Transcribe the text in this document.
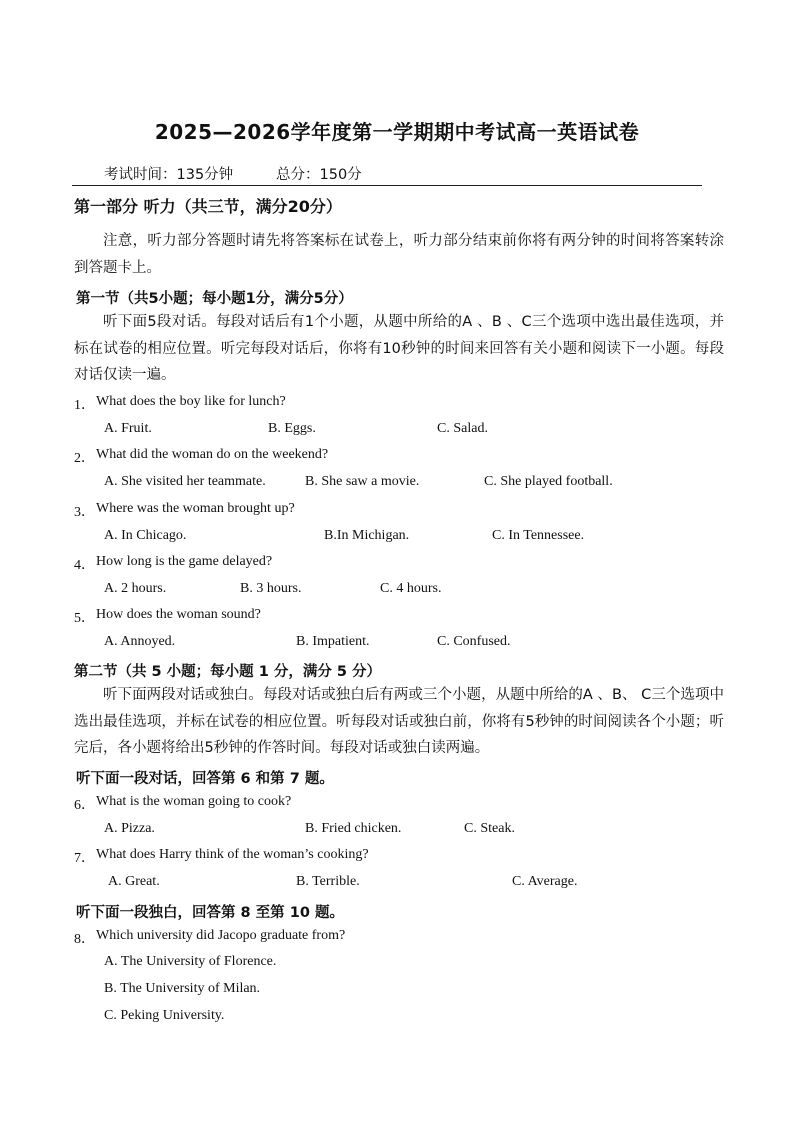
2025—2026学年度第一学期期中考试高一英语试卷
考试时间：135分钟	总分：150分
第一部分 听力（共三节，满分20分）
注意，听力部分答题时请先将答案标在试卷上，听力部分结束前你将有两分钟的时间将答案转涂到答题卡上。
第一节（共5小题；每小题1分，满分5分）
听下面5段对话。每段对话后有1个小题，从题中所给的A 、B 、C三个选项中选出最佳选项，并标在试卷的相应位置。听完每段对话后，你将有10秒钟的时间来回答有关小题和阅读下一小题。每段对话仅读一遍。
1． What does the boy like for lunch?
A. Fruit.	B. Eggs.	C. Salad.
2． What did the woman do on the weekend?
A. She visited her teammate.	B. She saw a movie.	C. She played football.
3． Where was the woman brought up?
A. In Chicago.	B.In Michigan.	C. In Tennessee.
4． How long is the game delayed?
A. 2 hours.	B. 3 hours.	C. 4 hours.
5． How does the woman sound?
A. Annoyed.	B. Impatient.	C. Confused.
第二节（共 5 小题；每小题 1 分，满分 5 分）
听下面两段对话或独白。每段对话或独白后有两或三个小题，从题中所给的A 、B、 C三个选项中选出最佳选项，并标在试卷的相应位置。听每段对话或独白前，你将有5秒钟的时间阅读各个小题；听完后，各小题将给出5秒钟的作答时间。每段对话或独白读两遍。
听下面一段对话，回答第 6 和第 7 题。
6． What is the woman going to cook?
A. Pizza.	B. Fried chicken.	C. Steak.
7． What does Harry think of the woman’s cooking?
A. Great.	B. Terrible.	C. Average.
听下面一段独白，回答第 8 至第 10 题。
8． Which university did Jacopo graduate from?
A. The University of Florence.
B. The University of Milan.
C. Peking University.
